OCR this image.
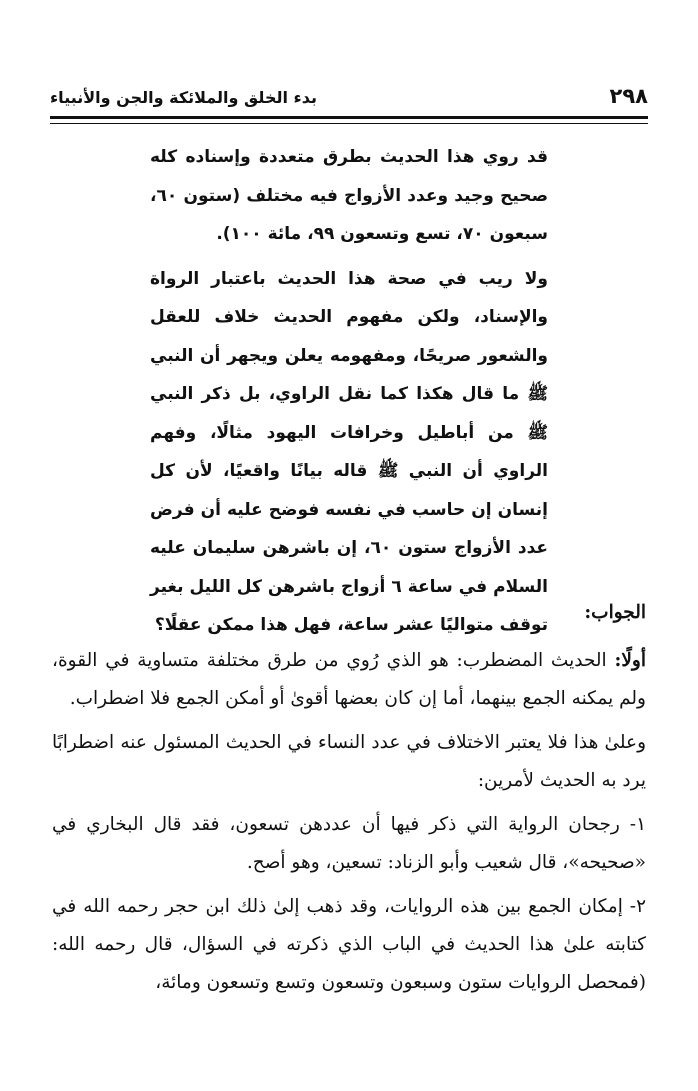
٢٩٨
بدء الخلق والملائكة والجن والأنبياء

قد روي هذا الحديث بطرق متعددة وإسناده كله صحيح وجيد وعدد الأزواج فيه مختلف (ستون ٦٠، سبعون ٧٠، تسع وتسعون ٩٩، مائة ١٠٠).

ولا ريب في صحة هذا الحديث باعتبار الرواة والإسناد، ولكن مفهوم الحديث خلاف للعقل والشعور صريحًا، ومفهومه يعلن ويجهر أن النبي ﷺ ما قال هكذا كما نقل الراوي، بل ذكر النبي ﷺ من أباطيل وخرافات اليهود مثالًا، وفهم الراوي أن النبي ﷺ قاله بيانًا واقعيًا، لأن كل إنسان إن حاسب في نفسه فوضح عليه أن فرض عدد الأزواج ستون ٦٠، إن باشرهن سليمان عليه السلام في ساعة ٦ أزواج باشرهن كل الليل بغير توقف متواليًا عشر ساعة، فهل هذا ممكن عقلًا؟

الجواب:

أولًا: الحديث المضطرب: هو الذي رُوي من طرق مختلفة متساوية في القوة، ولم يمكنه الجمع بينهما، أما إن كان بعضها أقوىٰ أو أمكن الجمع فلا اضطراب.

وعلىٰ هذا فلا يعتبر الاختلاف في عدد النساء في الحديث المسئول عنه اضطرابًا يرد به الحديث لأمرين:

١- رجحان الرواية التي ذكر فيها أن عددهن تسعون، فقد قال البخاري في «صحيحه»، قال شعيب وأبو الزناد: تسعين، وهو أصح.

٢- إمكان الجمع بين هذه الروايات، وقد ذهب إلىٰ ذلك ابن حجر رحمه الله في كتابته علىٰ هذا الحديث في الباب الذي ذكرته في السؤال، قال رحمه الله: (فمحصل الروايات ستون وسبعون وتسعون وتسع وتسعون ومائة،
